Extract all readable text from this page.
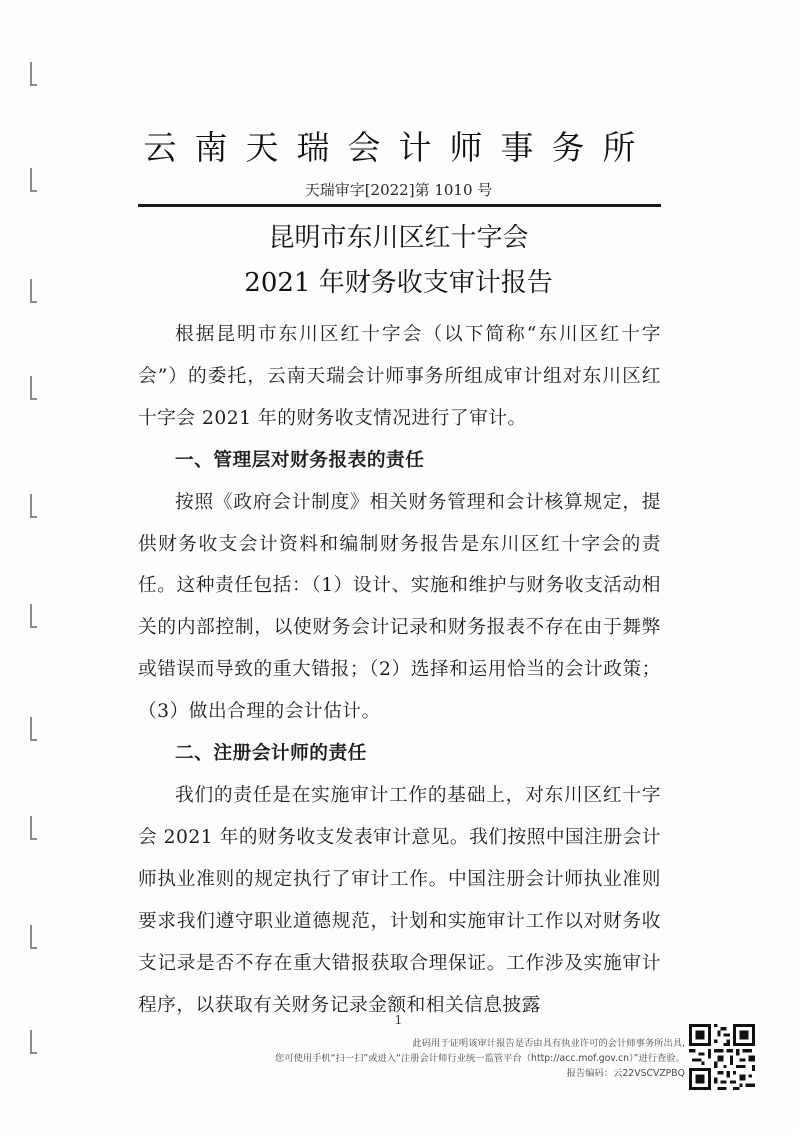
云南天瑞会计师事务所
天瑞审字[2022]第 1010 号
昆明市东川区红十字会
2021 年财务收支审计报告

根据昆明市东川区红十字会（以下简称“东川区红十字会”）的委托，云南天瑞会计师事务所组成审计组对东川区红十字会 2021 年的财务收支情况进行了审计。

一、管理层对财务报表的责任

按照《政府会计制度》相关财务管理和会计核算规定，提供财务收支会计资料和编制财务报告是东川区红十字会的责任。这种责任包括：（1）设计、实施和维护与财务收支活动相关的内部控制，以使财务会计记录和财务报表不存在由于舞弊或错误而导致的重大错报；（2）选择和运用恰当的会计政策；（3）做出合理的会计估计。

二、注册会计师的责任

我们的责任是在实施审计工作的基础上，对东川区红十字会 2021 年的财务收支发表审计意见。我们按照中国注册会计师执业准则的规定执行了审计工作。中国注册会计师执业准则要求我们遵守职业道德规范，计划和实施审计工作以对财务收支记录是否不存在重大错报获取合理保证。工作涉及实施审计程序，以获取有关财务记录金额和相关信息披露

1
此码用于证明该审计报告是否由具有执业许可的会计师事务所出具,
您可使用手机“扫一扫”或进入“注册会计师行业统一监管平台（http://acc.mof.gov.cn）”进行查验。
报告编码：云22VSCVZPBQ
